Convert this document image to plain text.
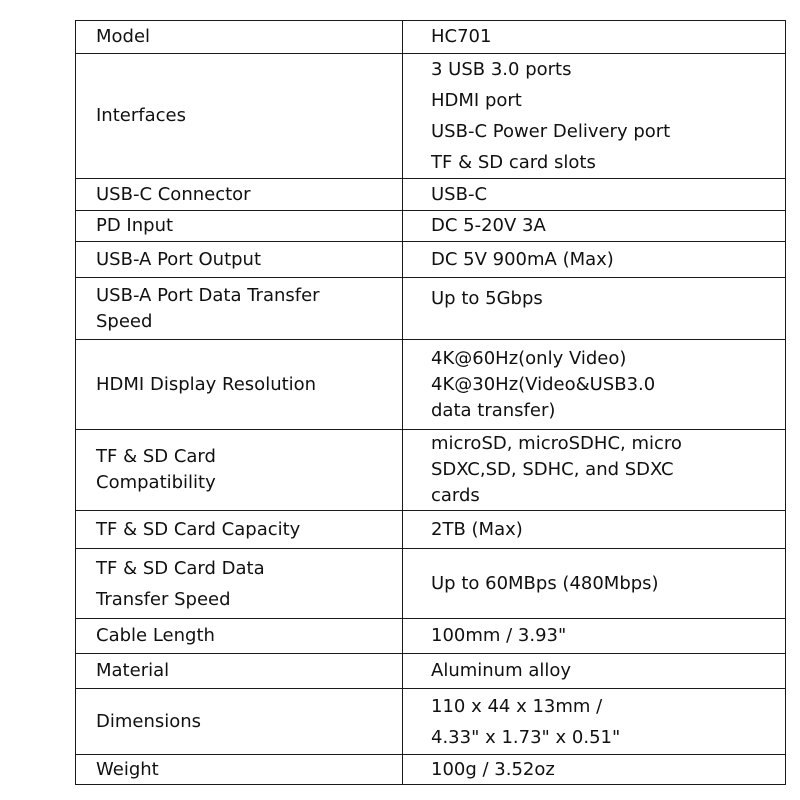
Model	HC701

Interfaces	3 USB 3.0 ports
HDMI port
USB-C Power Delivery port
TF & SD card slots

USB-C Connector	USB-C

PD Input	DC 5-20V 3A

USB-A Port Output	DC 5V 900mA (Max)

USB-A Port Data Transfer
Speed	Up to 5Gbps

HDMI Display Resolution	4K@60Hz(only Video)
4K@30Hz(Video&USB3.0
data transfer)

TF & SD Card
Compatibility	microSD, microSDHC, micro
SDXC,SD, SDHC, and SDXC
cards

TF & SD Card Capacity	2TB (Max)

TF & SD Card Data
Transfer Speed	Up to 60MBps (480Mbps)

Cable Length	100mm / 3.93"

Material	Aluminum alloy

Dimensions	110 x 44 x 13mm /
4.33" x 1.73" x 0.51"

Weight	100g / 3.52oz
